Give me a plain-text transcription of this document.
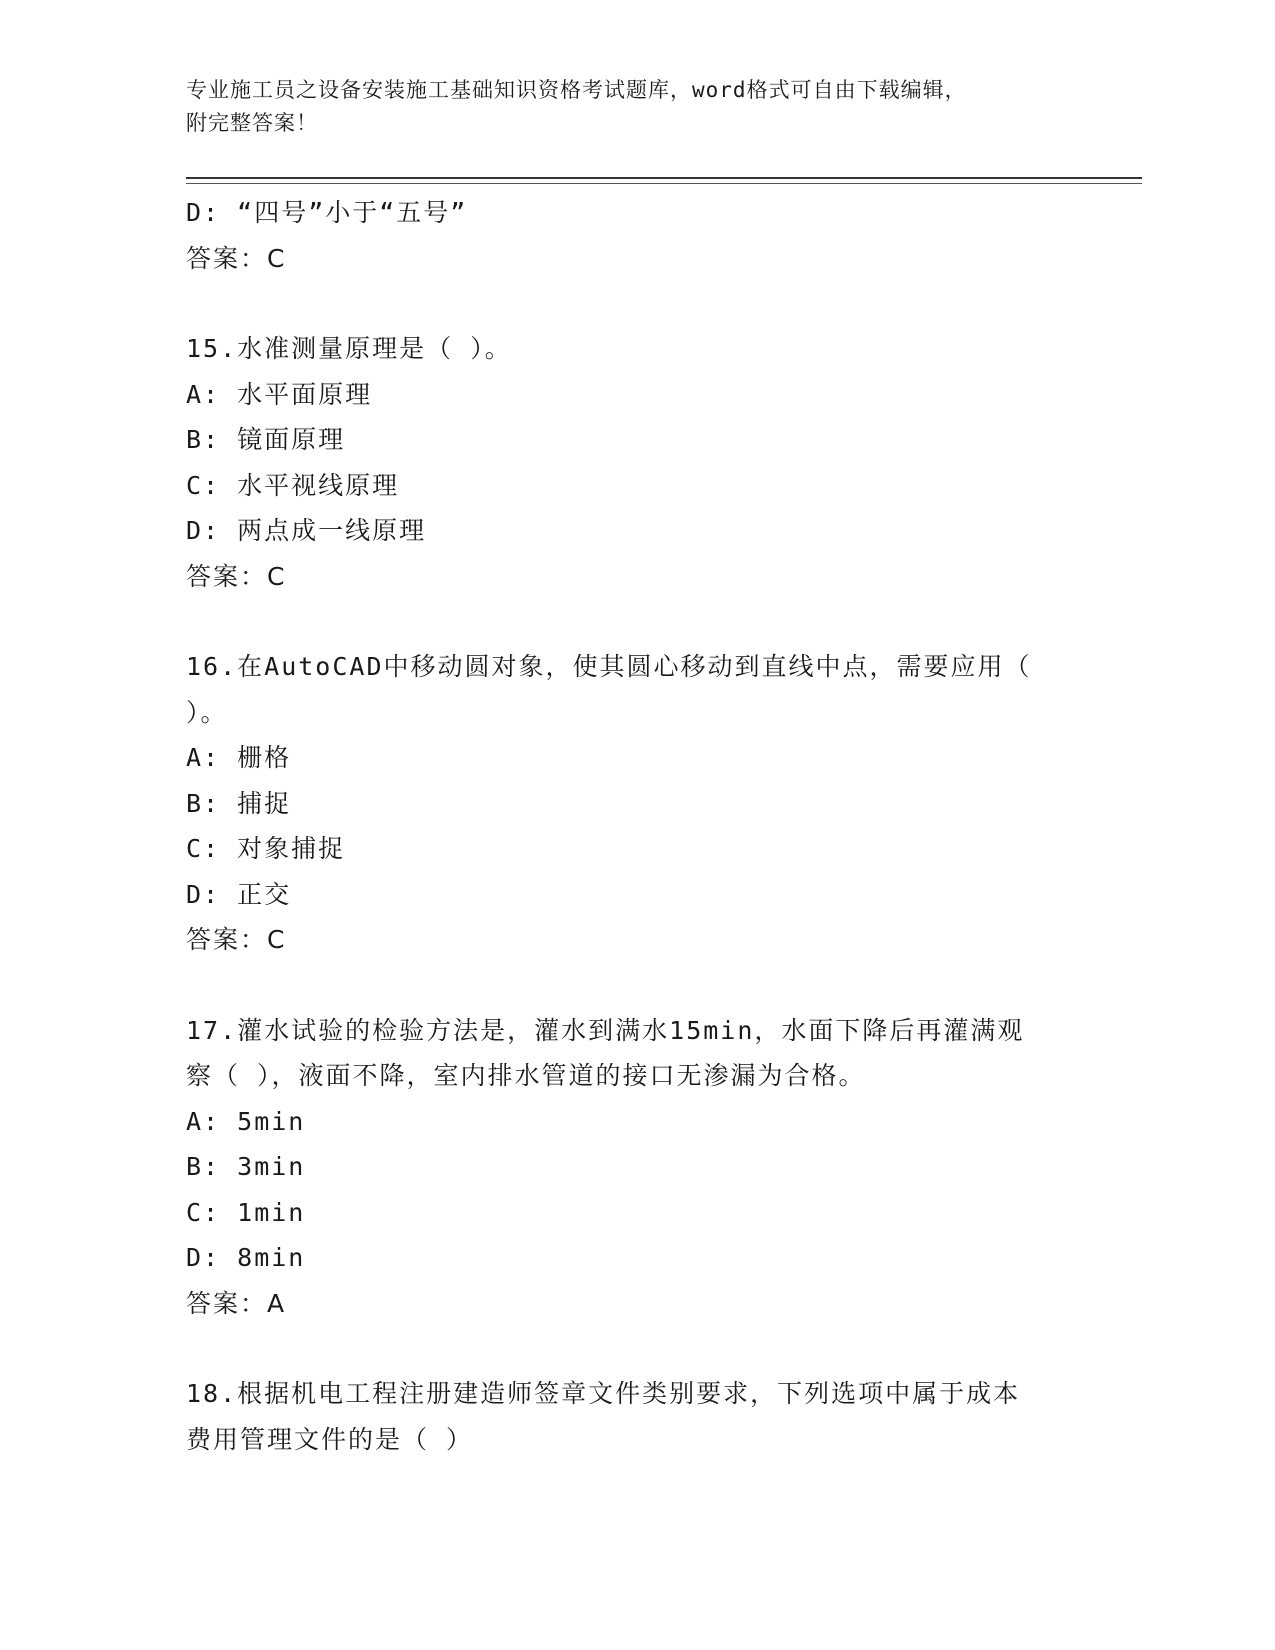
专业施工员之设备安装施工基础知识资格考试题库，word格式可自由下载编辑，
附完整答案！
D: “四号”小于“五号”
答案：C
15.水准测量原理是（ ）。
A: 水平面原理
B: 镜面原理
C: 水平视线原理
D: 两点成一线原理
答案：C
16.在AutoCAD中移动圆对象，使其圆心移动到直线中点，需要应用（
）。
A: 栅格
B: 捕捉
C: 对象捕捉
D: 正交
答案：C
17.灌水试验的检验方法是，灌水到满水15min，水面下降后再灌满观
察（ ），液面不降，室内排水管道的接口无渗漏为合格。
A: 5min
B: 3min
C: 1min
D: 8min
答案：A
18.根据机电工程注册建造师签章文件类别要求，下列选项中属于成本
费用管理文件的是（ ）
